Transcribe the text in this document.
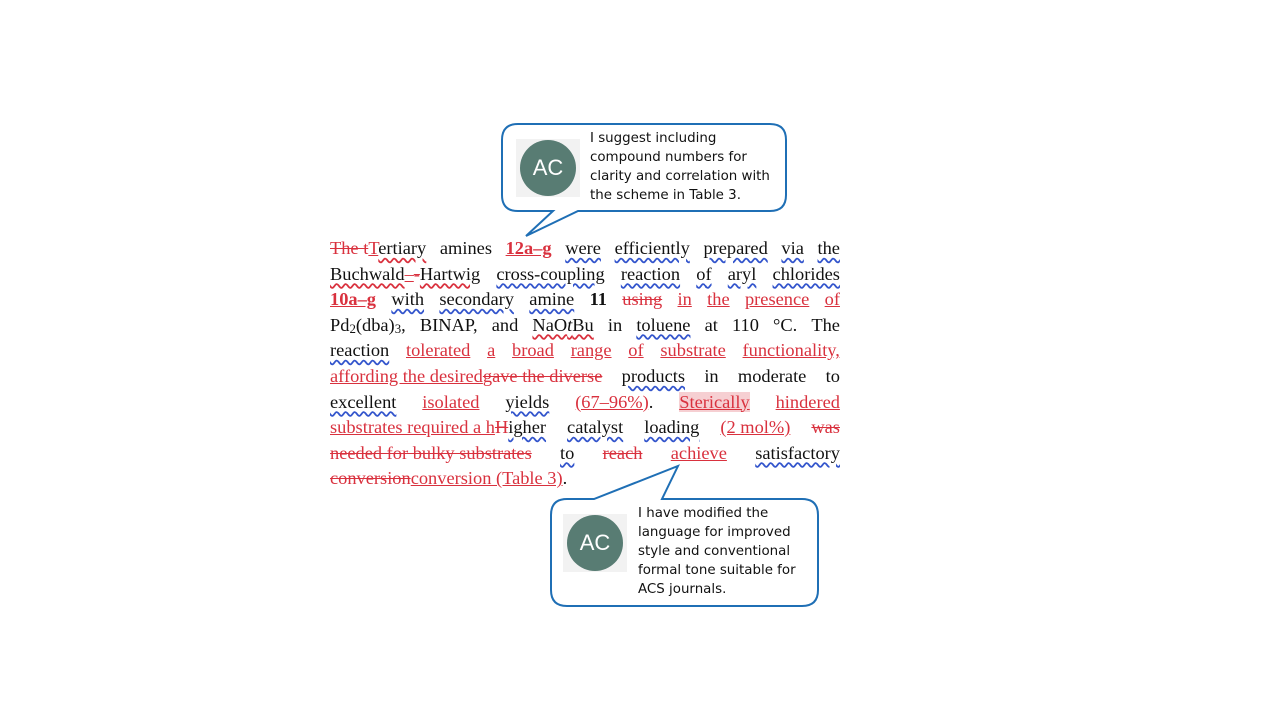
The tTertiary amines 12a–g were efficiently prepared via the
Buchwald–-Hartwig cross-coupling reaction of aryl chlorides
10a–g with secondary amine 11 using in the presence of
$Pd_2(dba)_3$, BINAP, and NaOtBu in toluene at 110 °C. The
reaction tolerated a broad range of substrate functionality,
affording the desiredgave the diverse products in moderate to
excellent isolated yields (67–96%). Sterically hindered
substrates required a hHigher catalyst loading (2 mol%) was
needed for bulky substrates to reach achieve satisfactory
conversionconversion (Table 3).
AC
I suggest including compound numbers for clarity and correlation with the scheme in Table 3.
AC
I have modified the language for improved style and conventional formal tone suitable for ACS journals.
